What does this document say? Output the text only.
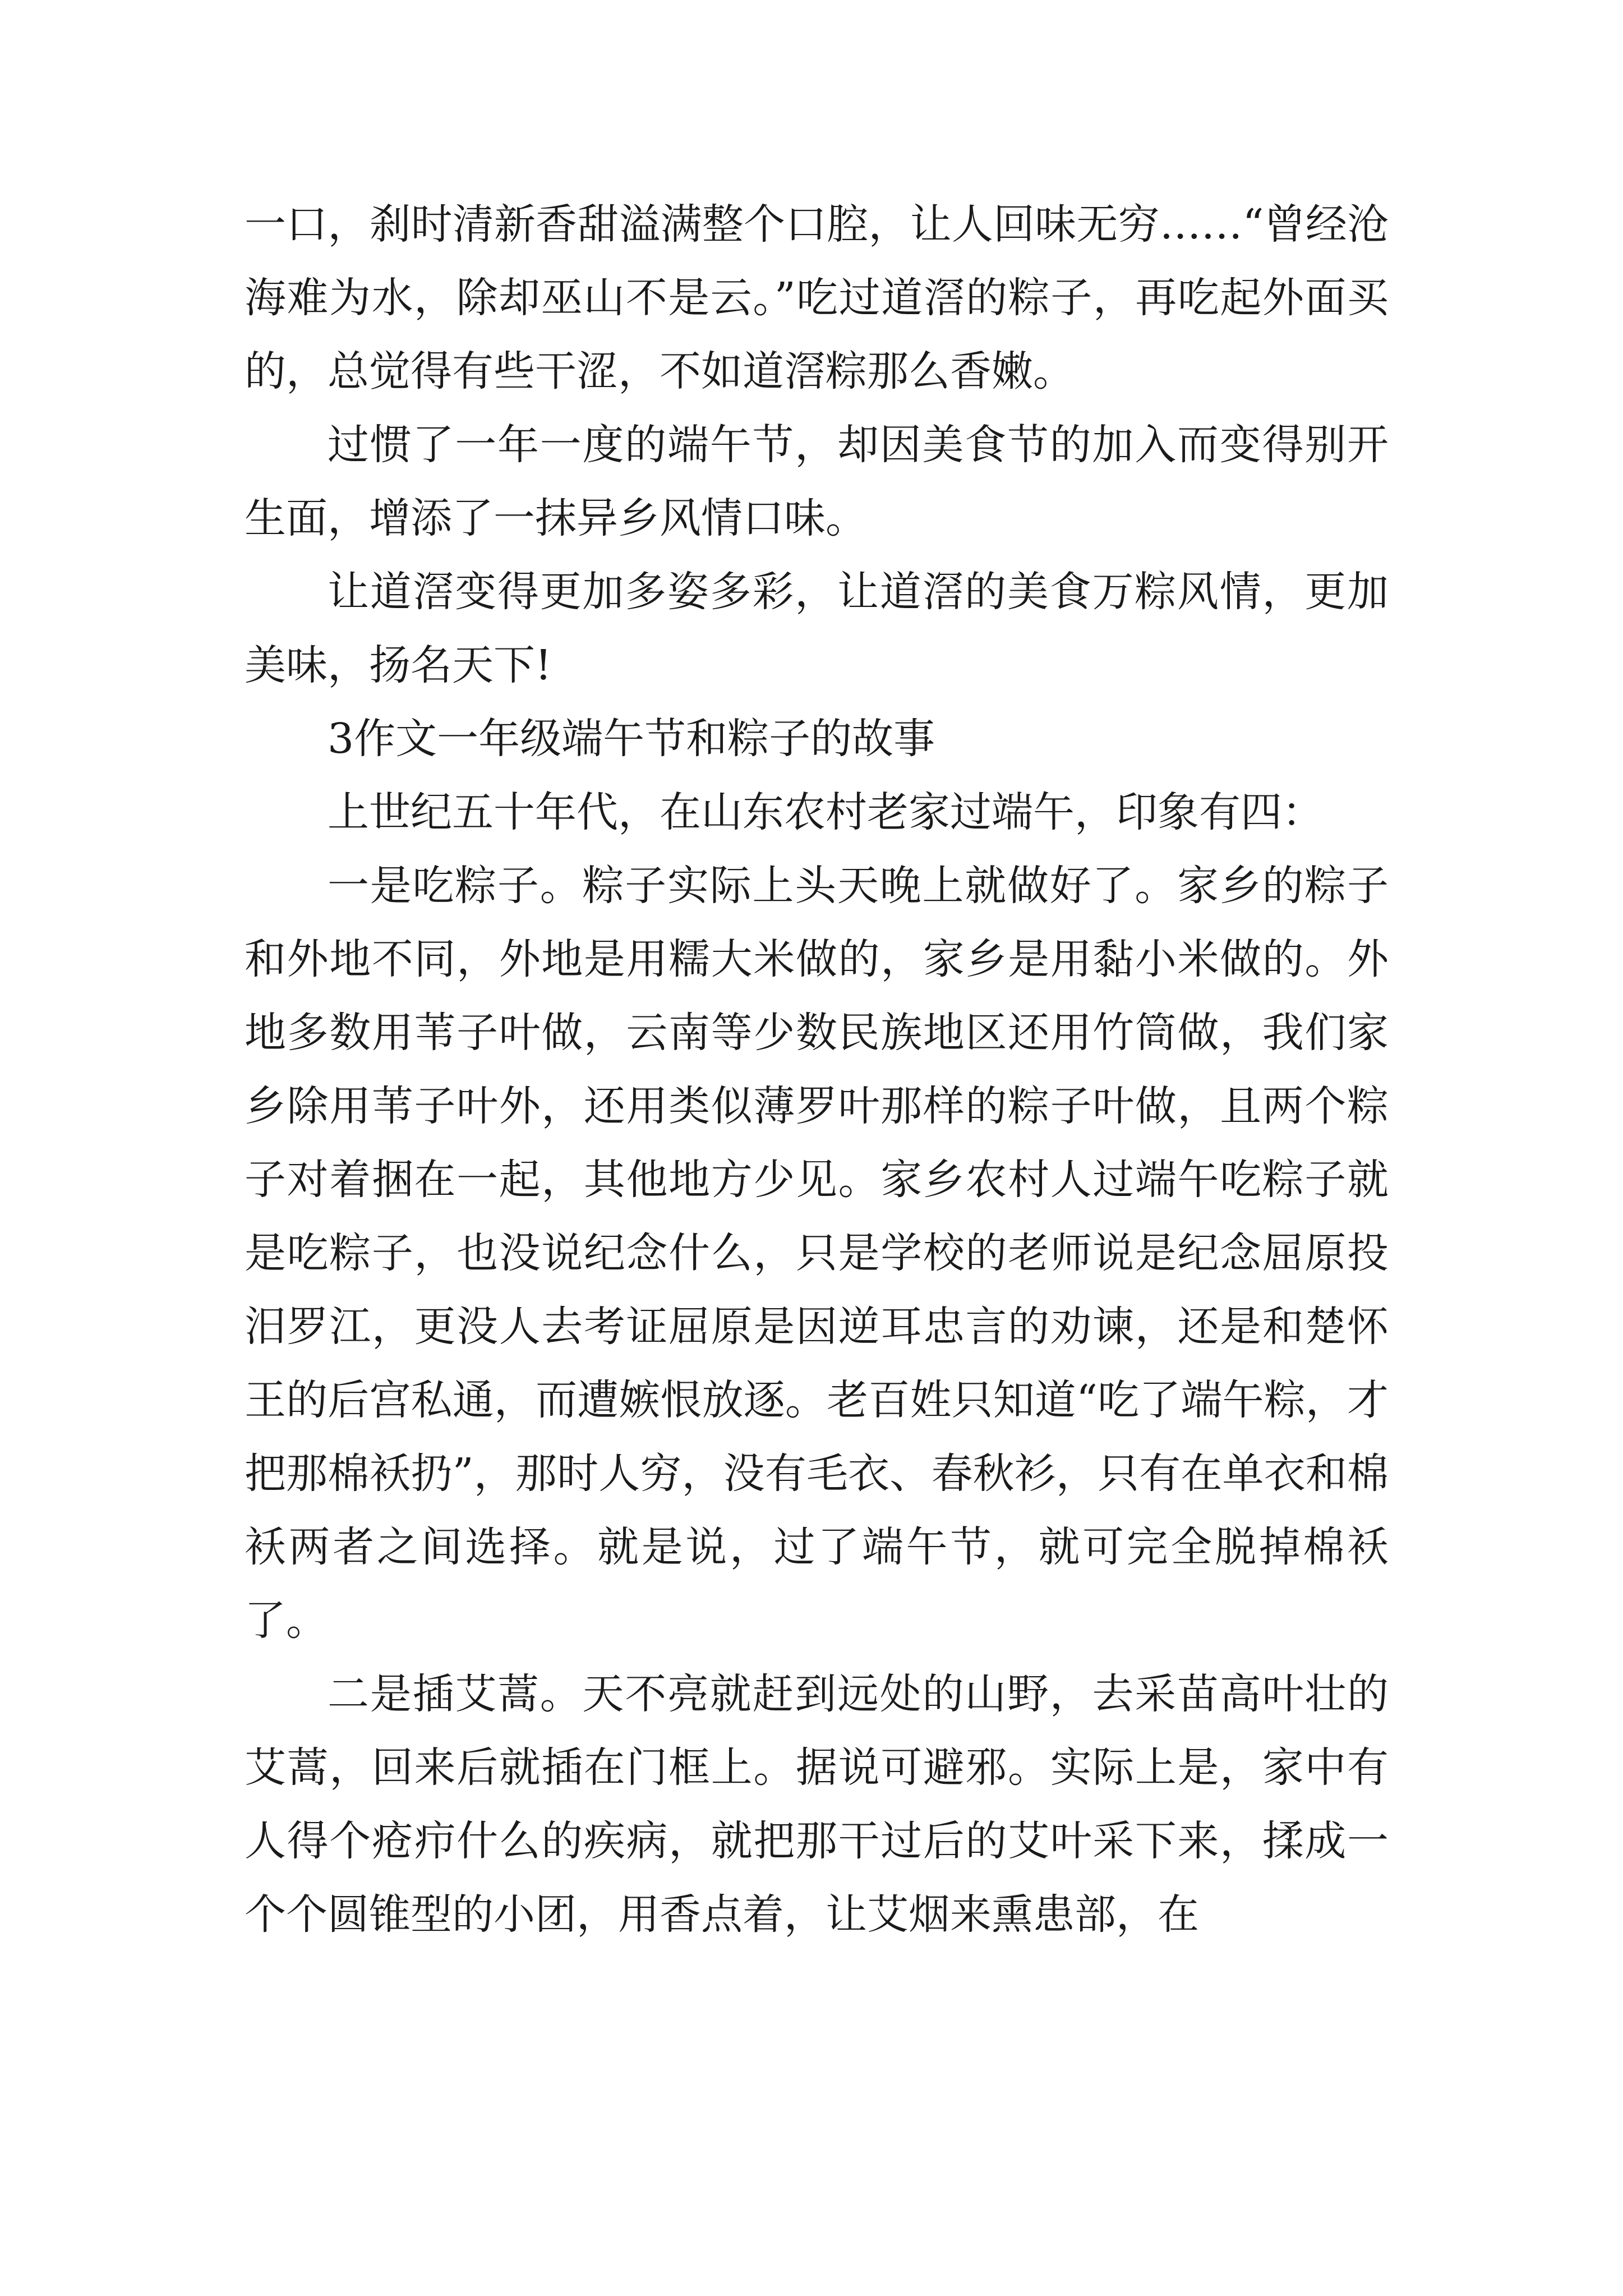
一口，刹时清新香甜溢满整个口腔，让人回味无穷……“曾经沧海难为水，除却巫山不是云。”吃过道滘的粽子，再吃起外面买的，总觉得有些干涩，不如道滘粽那么香嫩。

过惯了一年一度的端午节，却因美食节的加入而变得别开生面，增添了一抹异乡风情口味。

让道滘变得更加多姿多彩，让道滘的美食万粽风情，更加美味，扬名天下!

3作文一年级端午节和粽子的故事

上世纪五十年代，在山东农村老家过端午，印象有四：

一是吃粽子。粽子实际上头天晚上就做好了。家乡的粽子和外地不同，外地是用糯大米做的，家乡是用黏小米做的。外地多数用苇子叶做，云南等少数民族地区还用竹筒做，我们家乡除用苇子叶外，还用类似薄罗叶那样的粽子叶做，且两个粽子对着捆在一起，其他地方少见。家乡农村人过端午吃粽子就是吃粽子，也没说纪念什么，只是学校的老师说是纪念屈原投汨罗江，更没人去考证屈原是因逆耳忠言的劝谏，还是和楚怀王的后宫私通，而遭嫉恨放逐。老百姓只知道“吃了端午粽，才把那棉袄扔”，那时人穷，没有毛衣、春秋衫，只有在单衣和棉袄两者之间选择。就是说，过了端午节，就可完全脱掉棉袄了。

二是插艾蒿。天不亮就赶到远处的山野，去采苗高叶壮的艾蒿，回来后就插在门框上。据说可避邪。实际上是，家中有人得个疮疖什么的疾病，就把那干过后的艾叶采下来，揉成一个个圆锥型的小团，用香点着，让艾烟来熏患部，在
